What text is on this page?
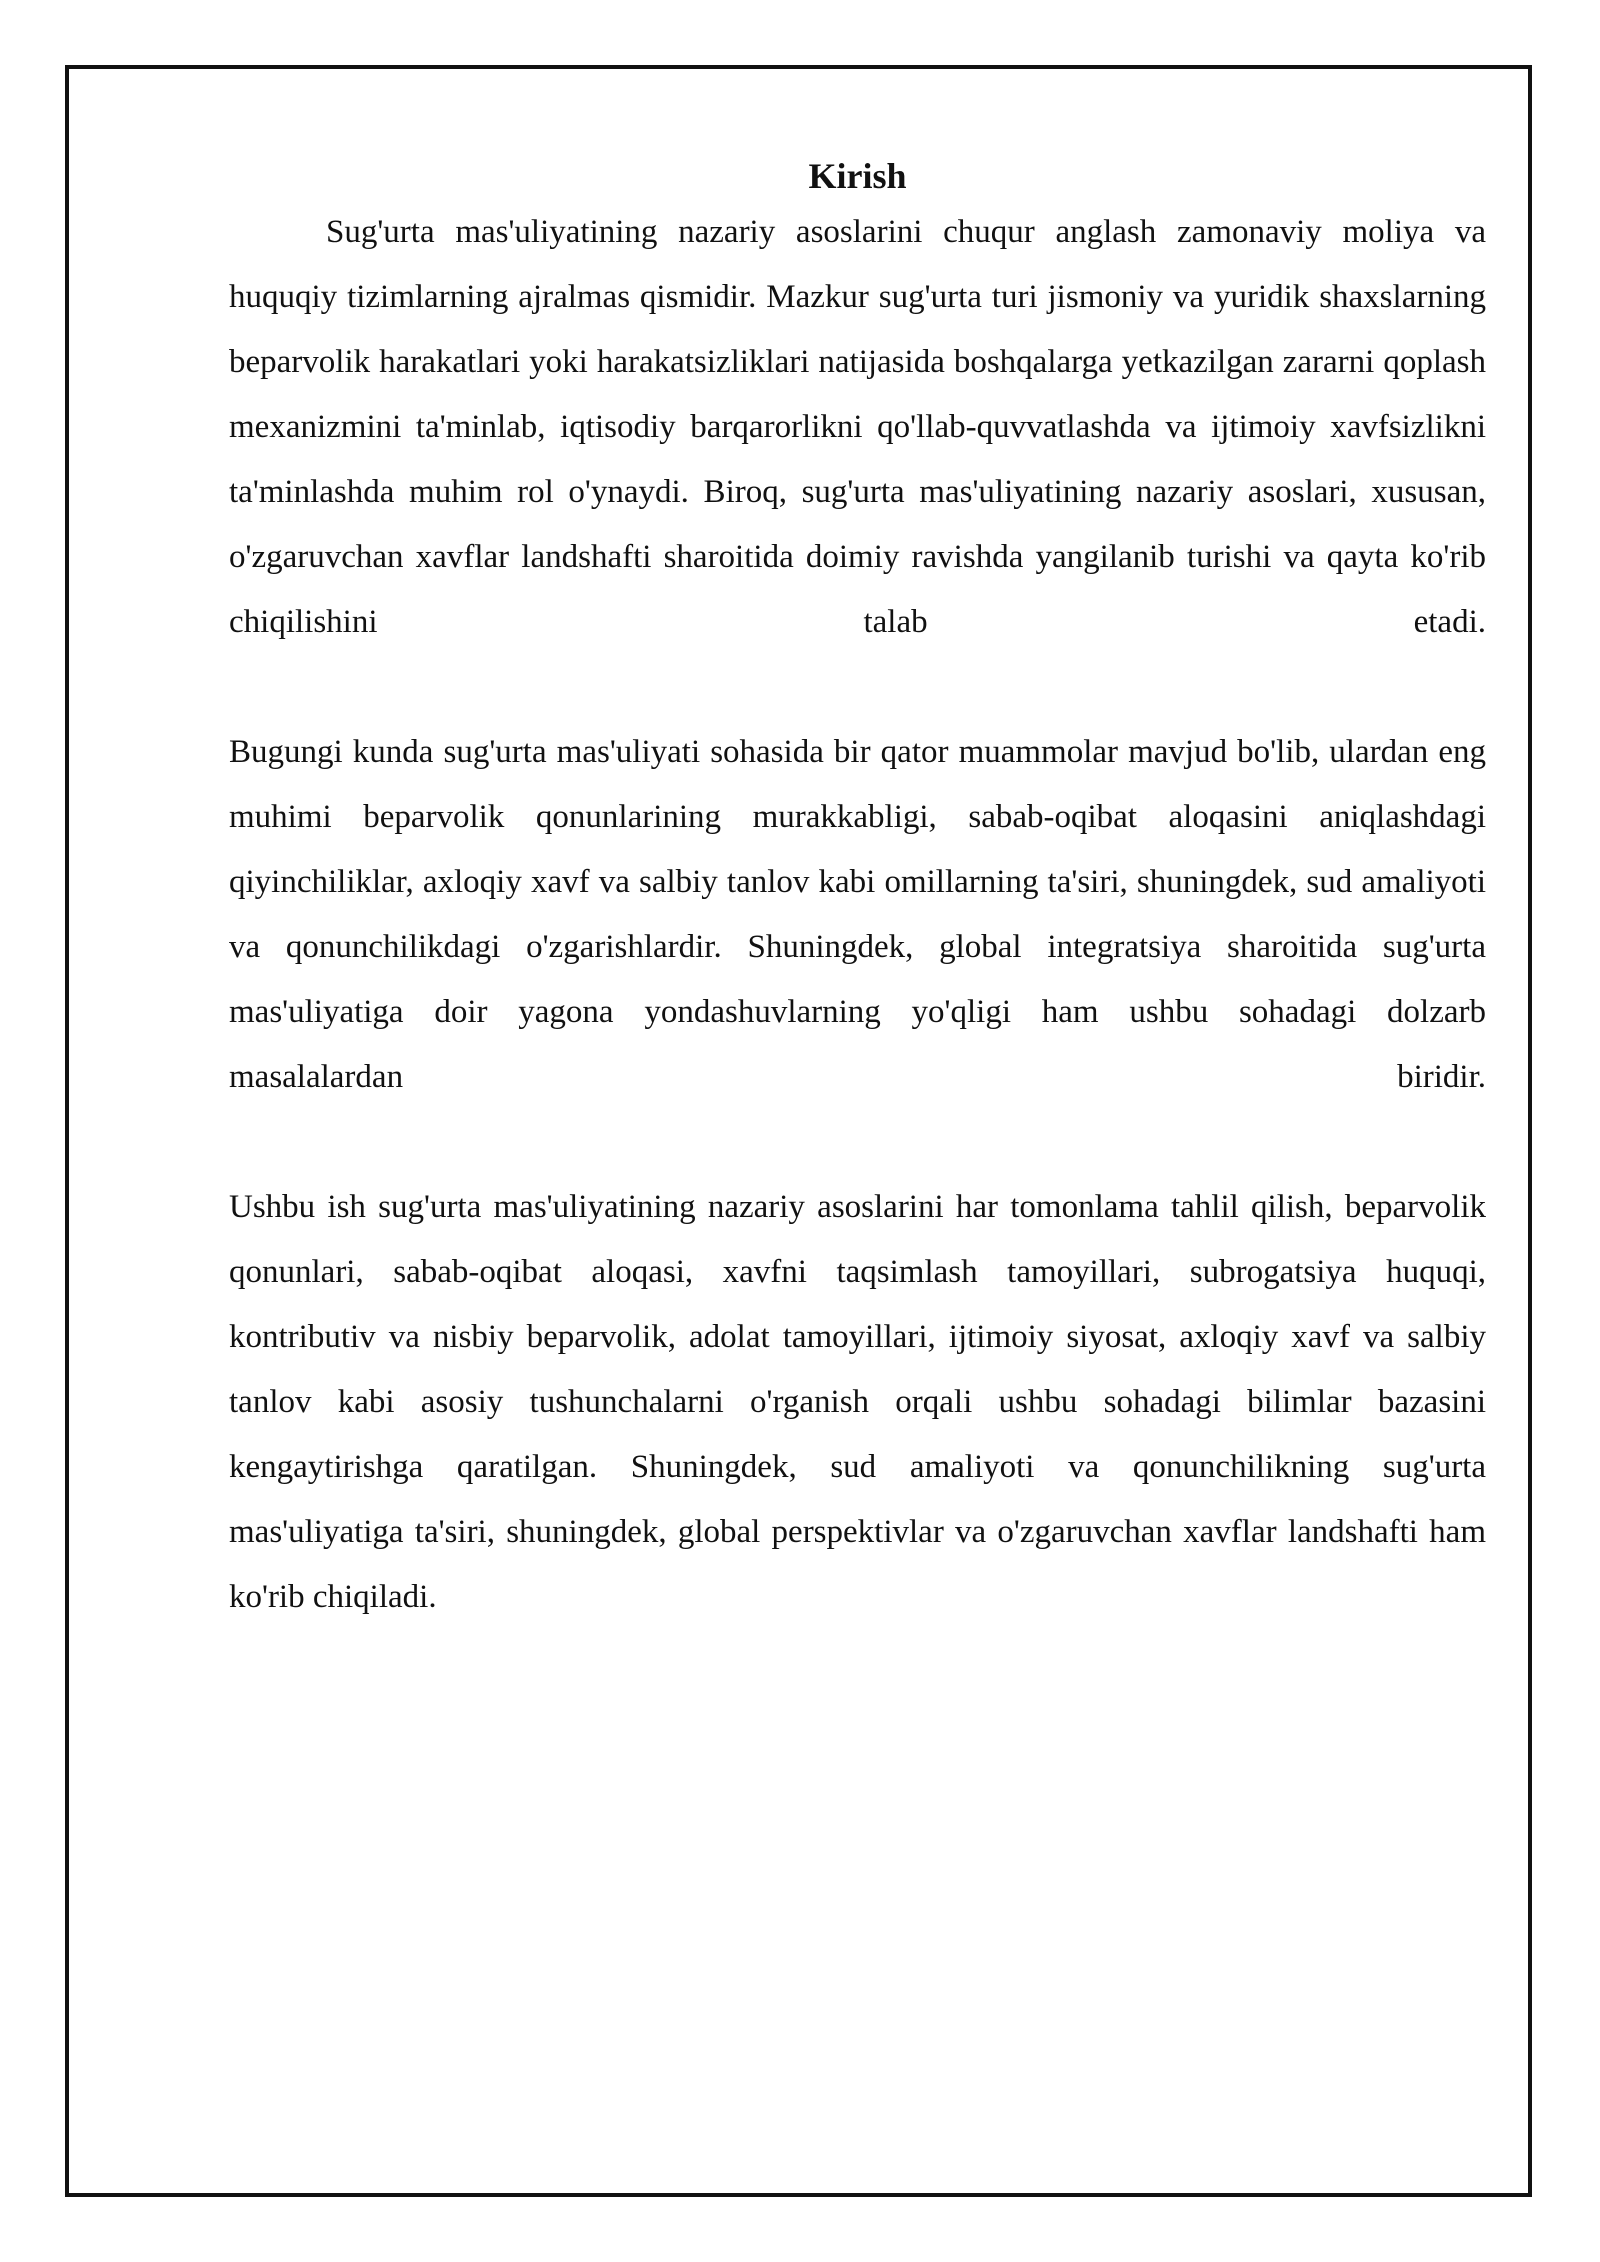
Kirish

Sug'urta mas'uliyatining nazariy asoslarini chuqur anglash zamonaviy moliya va huquqiy tizimlarning ajralmas qismidir. Mazkur sug'urta turi jismoniy va yuridik shaxslarning beparvolik harakatlari yoki harakatsizliklari natijasida boshqalarga yetkazilgan zararni qoplash mexanizmini ta'minlab, iqtisodiy barqarorlikni qo'llab-quvvatlashda va ijtimoiy xavfsizlikni ta'minlashda muhim rol o'ynaydi. Biroq, sug'urta mas'uliyatining nazariy asoslari, xususan, o'zgaruvchan xavflar landshafti sharoitida doimiy ravishda yangilanib turishi va qayta ko'rib chiqilishini talab etadi.

Bugungi kunda sug'urta mas'uliyati sohasida bir qator muammolar mavjud bo'lib, ulardan eng muhimi beparvolik qonunlarining murakkabligi, sabab-oqibat aloqasini aniqlashdagi qiyinchiliklar, axloqiy xavf va salbiy tanlov kabi omillarning ta'siri, shuningdek, sud amaliyoti va qonunchilikdagi o'zgarishlardir. Shuningdek, global integratsiya sharoitida sug'urta mas'uliyatiga doir yagona yondashuvlarning yo'qligi ham ushbu sohadagi dolzarb masalalardan biridir.

Ushbu ish sug'urta mas'uliyatining nazariy asoslarini har tomonlama tahlil qilish, beparvolik qonunlari, sabab-oqibat aloqasi, xavfni taqsimlash tamoyillari, subrogatsiya huquqi, kontributiv va nisbiy beparvolik, adolat tamoyillari, ijtimoiy siyosat, axloqiy xavf va salbiy tanlov kabi asosiy tushunchalarni o'rganish orqali ushbu sohadagi bilimlar bazasini kengaytirishga qaratilgan. Shuningdek, sud amaliyoti va qonunchilikning sug'urta mas'uliyatiga ta'siri, shuningdek, global perspektivlar va o'zgaruvchan xavflar landshafti ham ko'rib chiqiladi.
